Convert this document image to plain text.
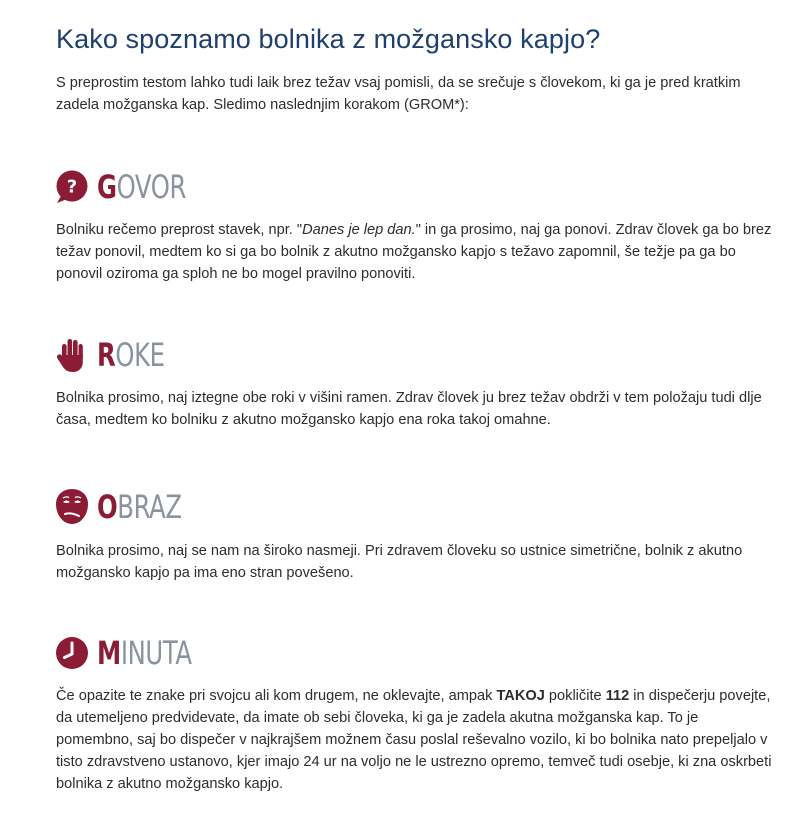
Kako spoznamo bolnika z možgansko kapjo?

S preprostim testom lahko tudi laik brez težav vsaj pomisli, da se srečuje s človekom, ki ga je pred kratkim zadela možganska kap. Sledimo naslednjim korakom (GROM*):

? GOVOR

Bolniku rečemo preprost stavek, npr. "Danes je lep dan." in ga prosimo, naj ga ponovi. Zdrav človek ga bo brez težav ponovil, medtem ko si ga bo bolnik z akutno možgansko kapjo s težavo zapomnil, še težje pa ga bo ponovil oziroma ga sploh ne bo mogel pravilno ponoviti.

ROKE

Bolnika prosimo, naj iztegne obe roki v višini ramen. Zdrav človek ju brez težav obdrži v tem položaju tudi dlje časa, medtem ko bolniku z akutno možgansko kapjo ena roka takoj omahne.

OBRAZ

Bolnika prosimo, naj se nam na široko nasmeji. Pri zdravem človeku so ustnice simetrične, bolnik z akutno možgansko kapjo pa ima eno stran povešeno.

MINUTA

Če opazite te znake pri svojcu ali kom drugem, ne oklevajte, ampak TAKOJ pokličite 112 in dispečerju povejte, da utemeljeno predvidevate, da imate ob sebi človeka, ki ga je zadela akutna možganska kap. To je pomembno, saj bo dispečer v najkrajšem možnem času poslal reševalno vozilo, ki bo bolnika nato prepeljalo v tisto zdravstveno ustanovo, kjer imajo 24 ur na voljo ne le ustrezno opremo, temveč tudi osebje, ki zna oskrbeti bolnika z akutno možgansko kapjo.
